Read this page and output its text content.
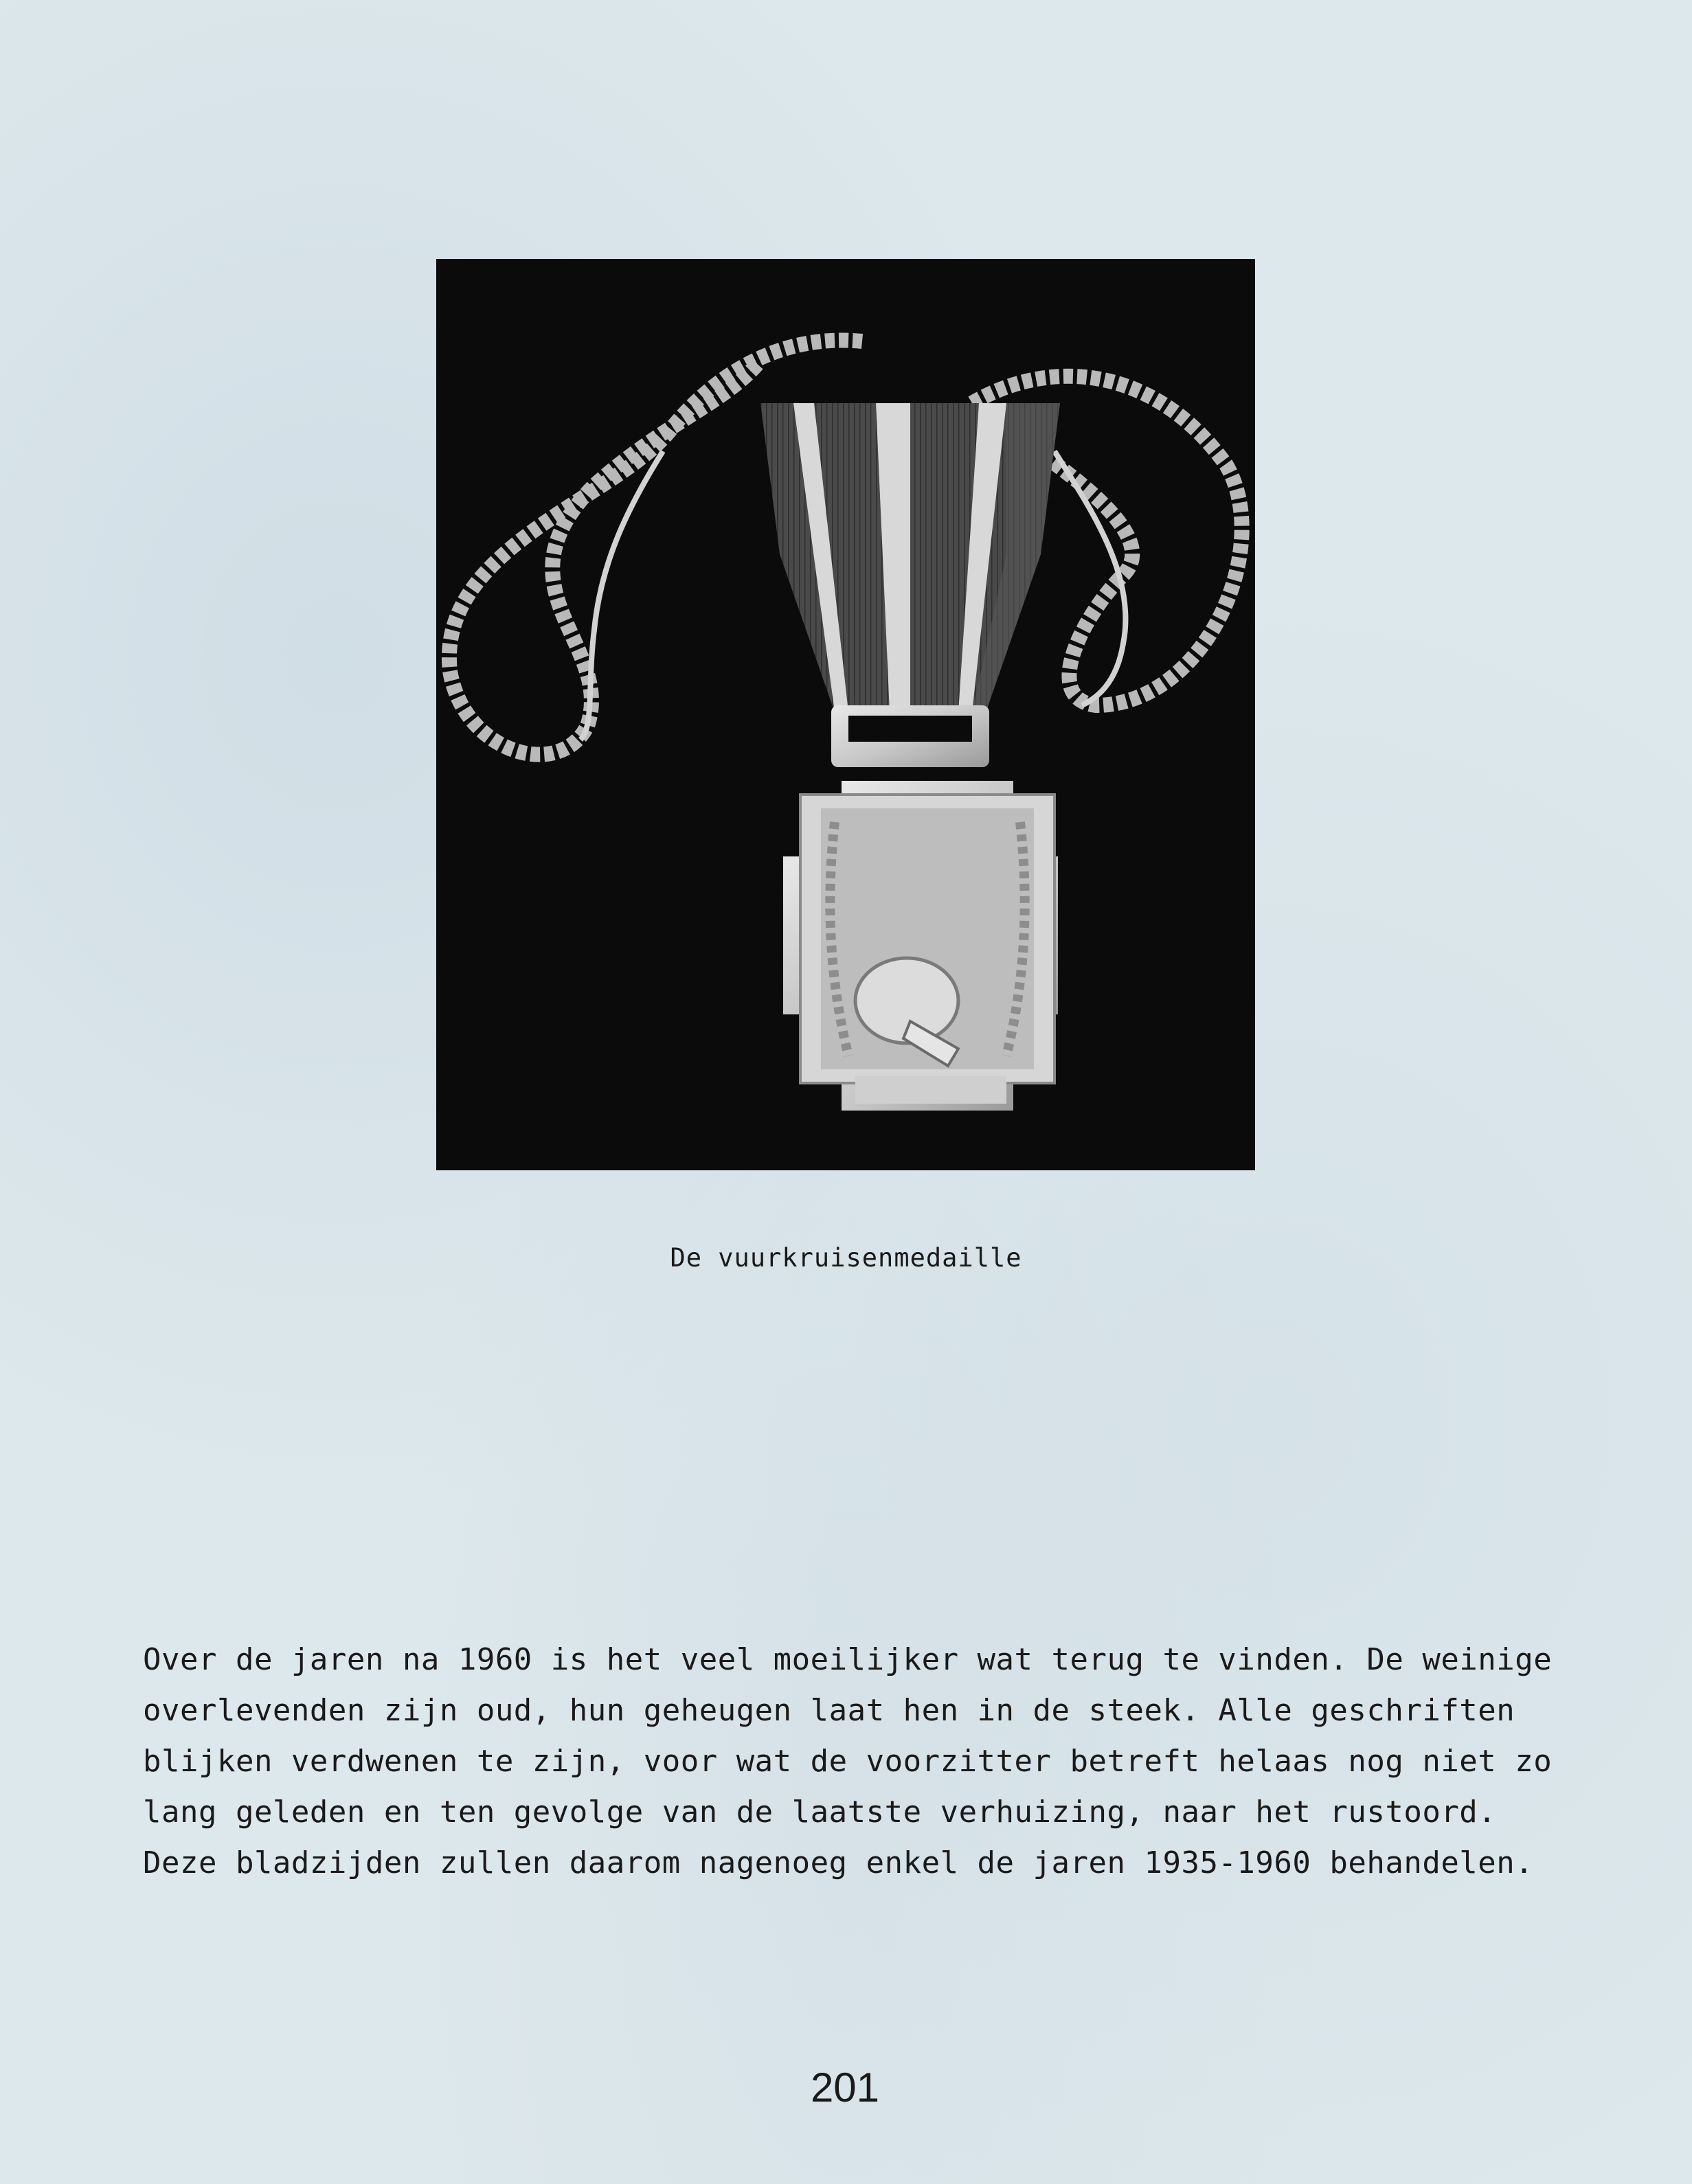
De vuurkruisenmedaille
Over de jaren na 1960 is het veel moeilijker wat terug te vinden. De weinige
overlevenden zijn oud, hun geheugen laat hen in de steek. Alle geschriften
blijken verdwenen te zijn, voor wat de voorzitter betreft helaas nog niet zo
lang geleden en ten gevolge van de laatste verhuizing, naar het rustoord.
Deze bladzijden zullen daarom nagenoeg enkel de jaren 1935-1960 behandelen.
201
